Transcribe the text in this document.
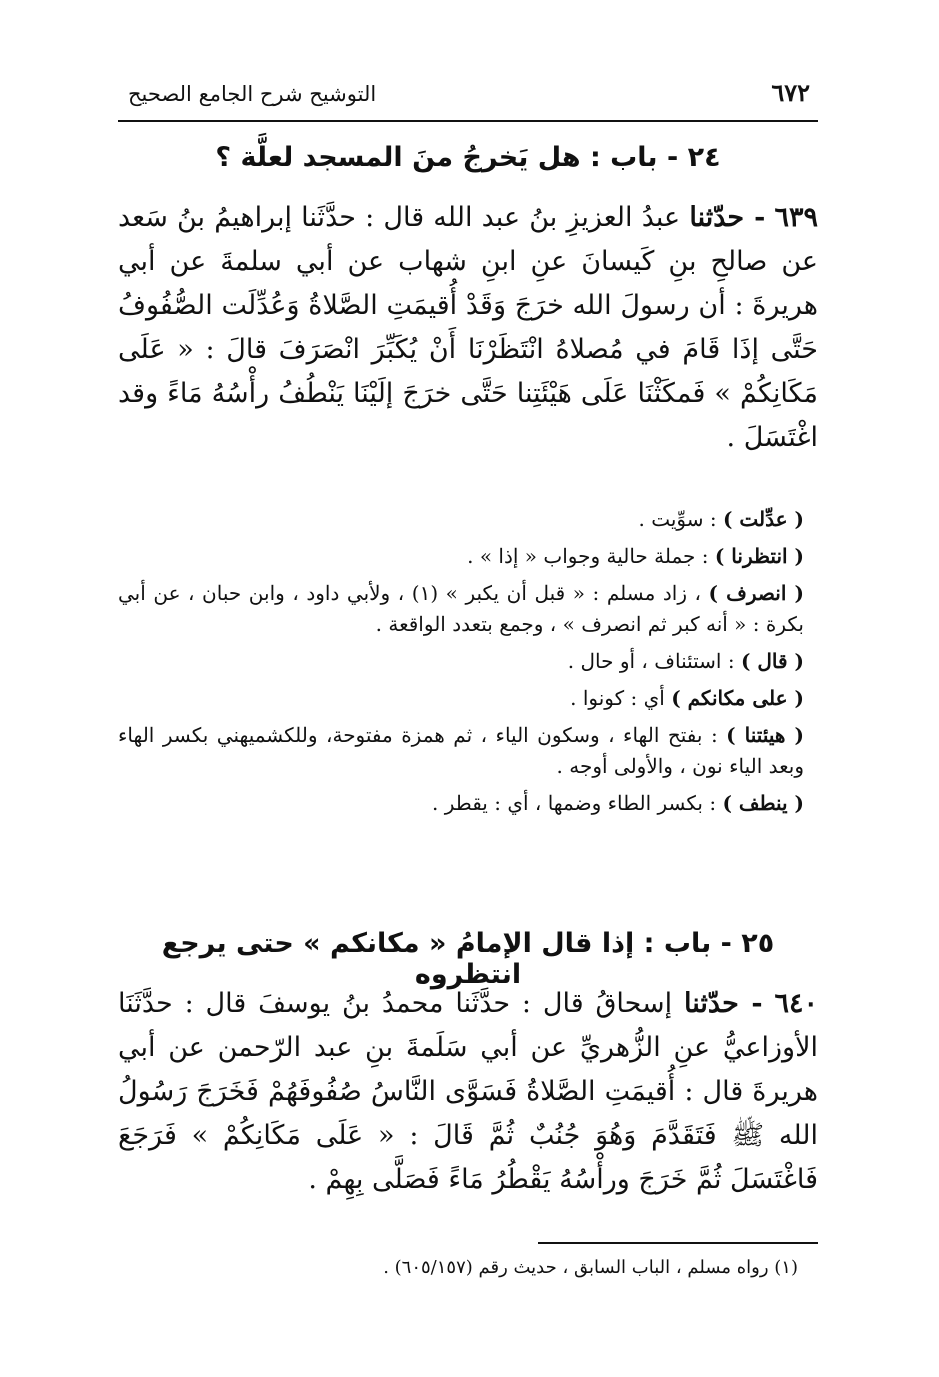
٦٧٢
التوشيح شرح الجامع الصحيح
٢٤ - باب : هل يَخرجُ منَ المسجد لعلَّة ؟
٦٣٩ - حدّثنا عبدُ العزيزِ بنُ عبد الله قال : حدَّثَنا إبراهيمُ بنُ سَعد عن صالحِ بنِ كَيسانَ عنِ ابنِ شهاب عن أبي سلمةَ عن أبي هريرةَ : أن رسولَ الله خرَجَ وَقَدْ أُقيمَتِ الصَّلاةُ وَعُدِّلَت الصُّفُوفُ حَتَّى إذَا قَامَ في مُصلاهُ انْتَظَرْنَا أَنْ يُكَبِّرَ انْصَرَفَ قالَ : « عَلَى مَكَانِكُمْ » فَمكَثْنَا عَلَى هَيْئَتِنا حَتَّى خرَجَ إلَيْنَا يَنْطُفُ رأْسُهُ مَاءً وقد اغْتَسَلَ .
( عدِّلت ) : سوِّيت .
( انتظرنا ) : جملة حالية وجواب « إذا » .
( انصرف ) ، زاد مسلم : « قبل أن يكبر » (١) ، ولأبي داود ، وابن حبان ، عن أبي بكرة : « أنه كبر ثم انصرف » ، وجمع بتعدد الواقعة .
( قال ) : استئناف ، أو حال .
( على مكانكم ) أي : كونوا .
( هيئتنا ) : بفتح الهاء ، وسكون الياء ، ثم همزة مفتوحة، وللكشميهني بكسر الهاء وبعد الياء نون ، والأولى أوجه .
( ينطف ) : بكسر الطاء وضمها ، أي : يقطر .
٢٥ - باب : إذا قال الإمامُ « مكانكم » حتى يرجع انتظروه
٦٤٠ - حدّثنا إسحاقُ قال : حدَّثَنا محمدُ بنُ يوسفَ قال : حدَّثَنَا الأوزاعيُّ عنِ الزُّهريِّ عن أبي سَلَمةَ بنِ عبد الرّحمن عن أبي هريرةَ قال : أُقيمَتِ الصَّلاةُ فَسَوَّى النَّاسُ صُفُوفَهُمْ فَخَرَجَ رَسُولُ الله ﷺ فَتَقَدَّمَ وَهُوَ جُنُبٌ ثُمَّ قَالَ : « عَلَى مَكَانِكُمْ » فَرَجَعَ فَاغْتَسَلَ ثُمَّ خَرَجَ ورأْسُهُ يَقْطُرُ مَاءً فَصَلَّى بِهِمْ .
(١) رواه مسلم ، الباب السابق ، حديث رقم (٦٠٥/١٥٧) .
